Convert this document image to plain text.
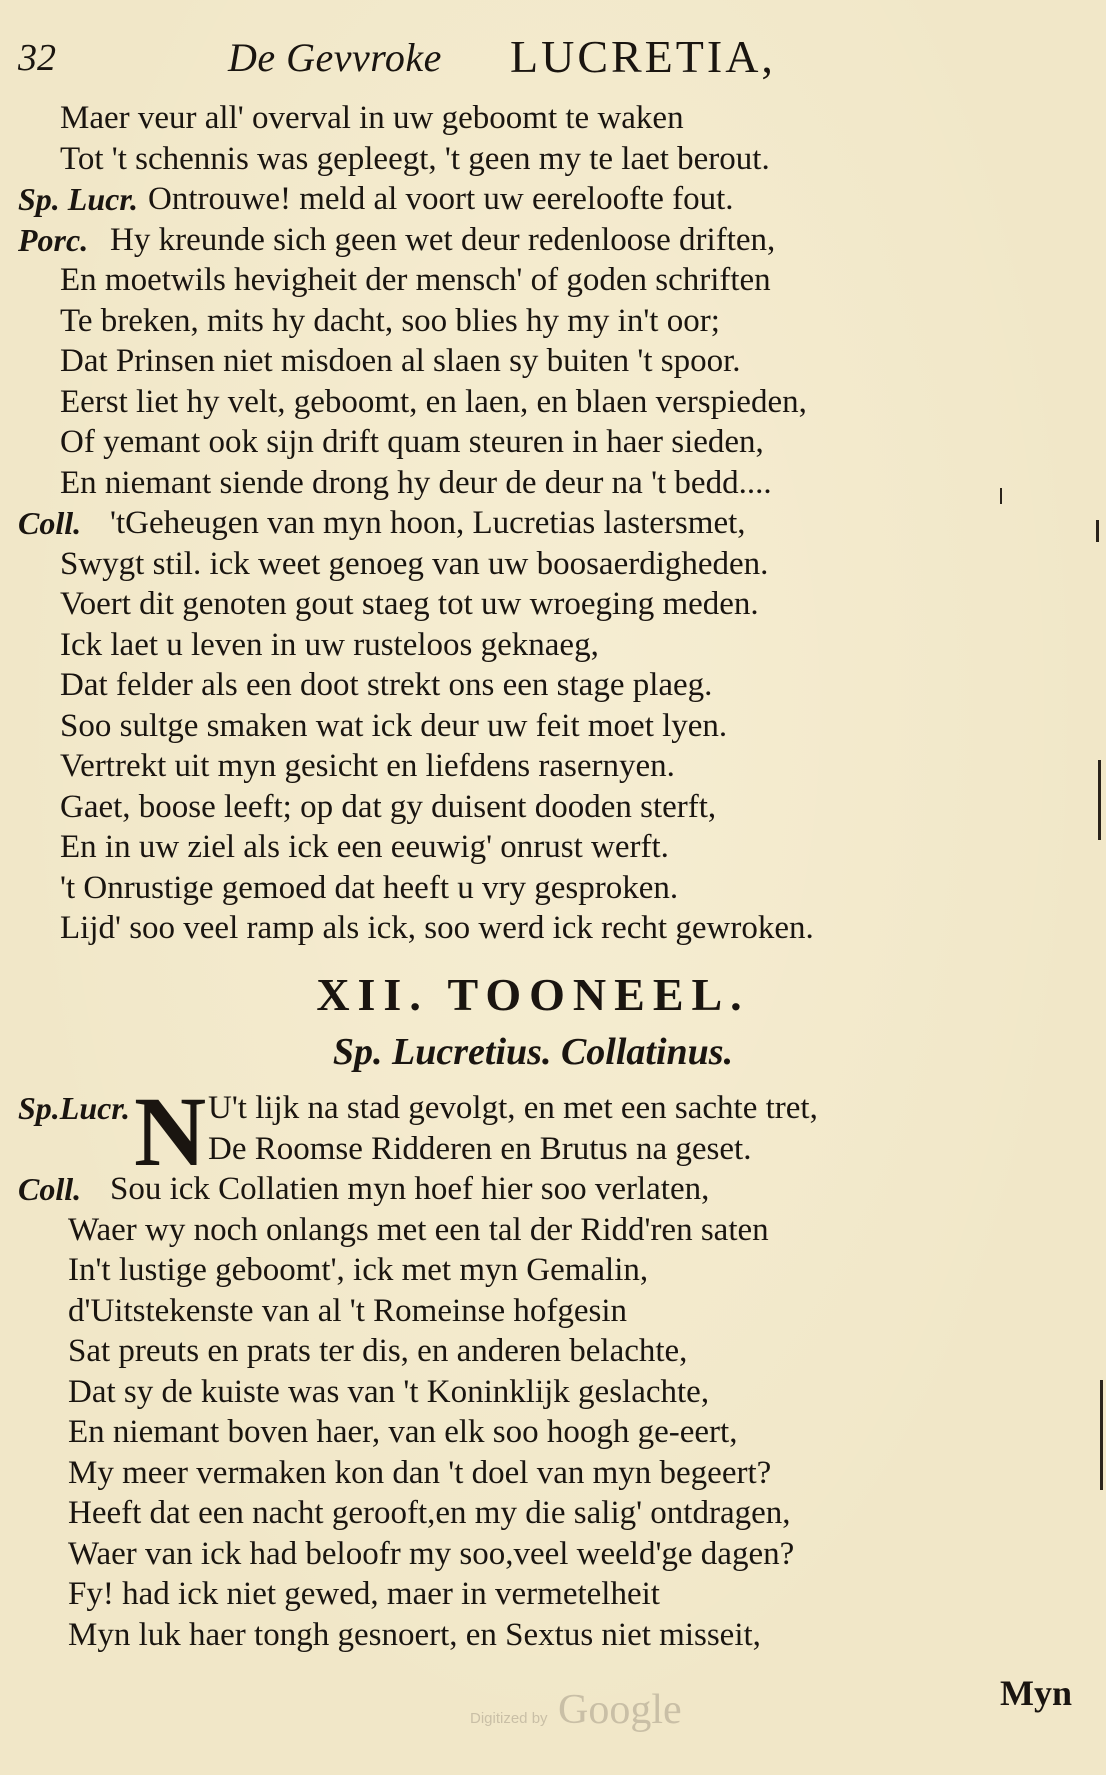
32	De Gevvroke LUCRETIA,
Maer veur all' overval in uw geboomt te waken
Tot 't schennis was gepleegt, 't geen my te laet berout.
Sp. Lucr. Ontrouwe! meld al voort uw eereloofte fout.
Porc. Hy kreunde sich geen wet deur redenloose driften,
En moetwils hevigheit der mensch' of goden schriften
Te breken, mits hy dacht, soo blies hy my in't oor;
Dat Prinsen niet misdoen al slaen sy buiten 't spoor.
Eerst liet hy velt, geboomt, en laen, en blaen verspieden,
Of yemant ook sijn drift quam steuren in haer sieden,
En niemant siende drong hy deur de deur na 't bedd....
Coll. 'tGeheugen van myn hoon, Lucretias lastersmet,
Swygt stil. ick weet genoeg van uw boosaerdigheden.
Voert dit genoten gout staeg tot uw wroeging meden.
Ick laet u leven in uw rusteloos geknaeg,
Dat felder als een doot strekt ons een stage plaeg.
Soo sultge smaken wat ick deur uw feit moet lyen.
Vertrekt uit myn gesicht en liefdens rasernyen.
Gaet, boose leeft; op dat gy duisent dooden sterft,
En in uw ziel als ick een eeuwig' onrust werft.
't Onrustige gemoed dat heeft u vry gesproken.
Lijd' soo veel ramp als ick, soo werd ick recht gewroken.
XII. TOONEEL.
Sp. Lucretius. Collatinus.
Sp.Lucr. U't lijk na stad gevolgt, en met een sachte tret,
N De Roomse Ridderen en Brutus na geset.
Coll. Sou ick Collatien myn hoef hier soo verlaten,
Waer wy noch onlangs met een tal der Ridd'ren saten
In't lustige geboomt', ick met myn Gemalin,
d'Uitstekenste van al 't Romeinse hofgesin
Sat preuts en prats ter dis, en anderen belachte,
Dat sy de kuiste was van 't Koninklijk geslachte,
En niemant boven haer, van elk soo hoogh ge-eert,
My meer vermaken kon dan 't doel van myn begeert?
Heeft dat een nacht gerooft,en my die salig' ontdragen,
Waer van ick had beloofr my soo,veel weeld'ge dagen?
Fy! had ick niet gewed, maer in vermetelheit
Myn luk haer tongh gesnoert, en Sextus niet misseit,
Myn
Digitized by Google
